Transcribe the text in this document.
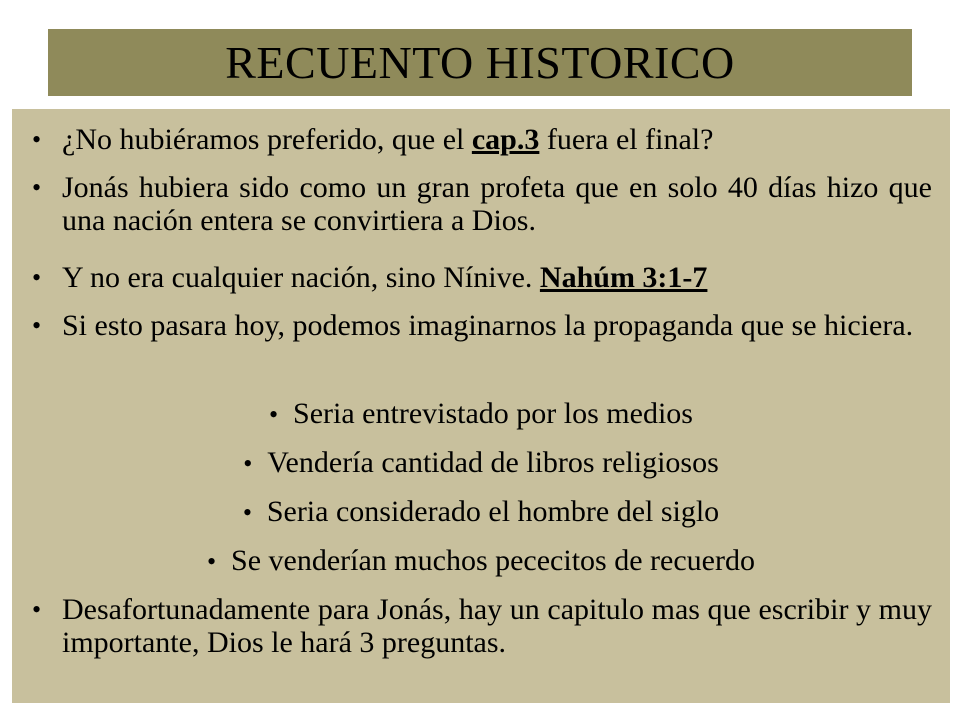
RECUENTO HISTORICO
• ¿No hubiéramos preferido, que el cap.3 fuera el final?
• Jonás hubiera sido como un gran profeta que en solo 40 días hizo que una nación entera se convirtiera a Dios.
• Y no era cualquier nación, sino Nínive. Nahúm 3:1-7
• Si esto pasara hoy, podemos imaginarnos la propaganda que se hiciera.
• Seria entrevistado por los medios
• Vendería cantidad de libros religiosos
• Seria considerado el hombre del siglo
• Se venderían muchos pececitos de recuerdo
• Desafortunadamente para Jonás, hay un capitulo mas que escribir y muy importante, Dios le hará 3 preguntas.
